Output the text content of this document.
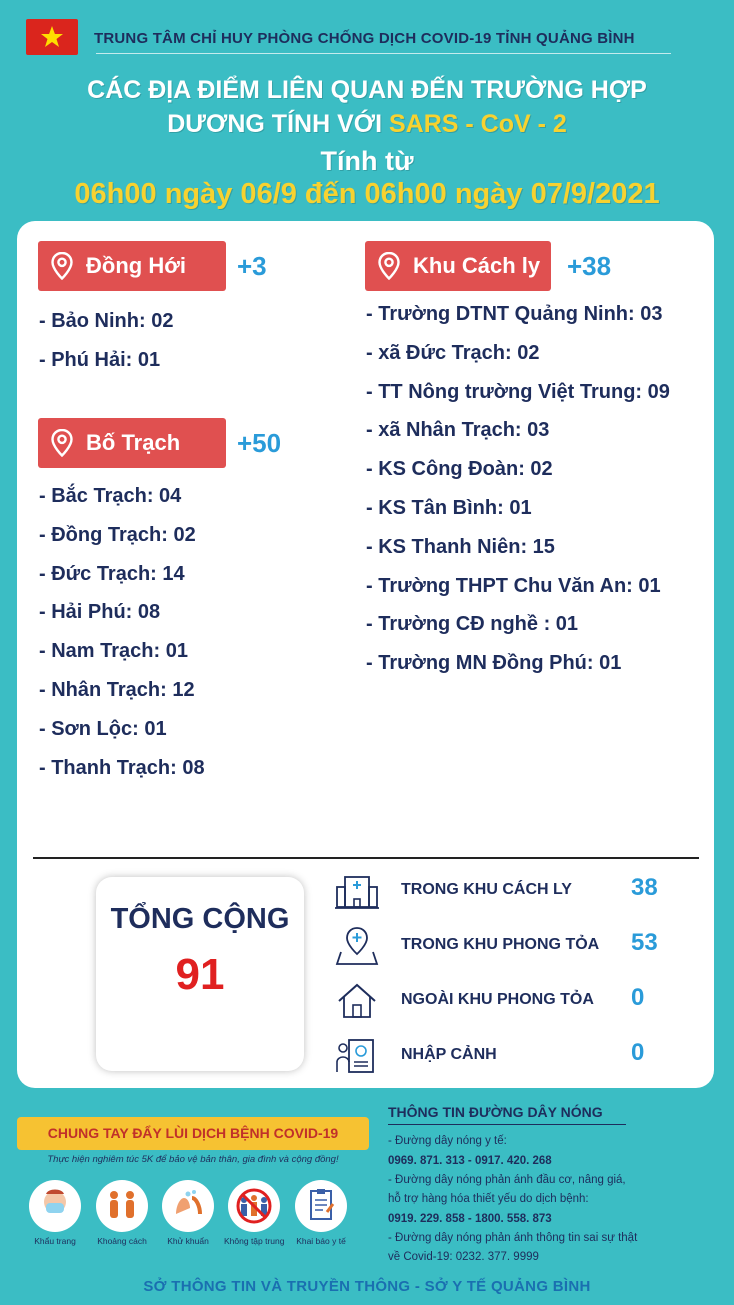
TRUNG TÂM CHỈ HUY PHÒNG CHỐNG DỊCH COVID-19 TỈNH QUẢNG BÌNH
CÁC ĐỊA ĐIỂM LIÊN QUAN ĐẾN TRƯỜNG HỢP
DƯƠNG TÍNH VỚI SARS - CoV - 2
Tính từ
06h00 ngày 06/9 đến 06h00 ngày 07/9/2021
Đồng Hới	+3
- Bảo Ninh: 02
- Phú Hải: 01
Bố Trạch	+50
- Bắc Trạch: 04
- Đồng Trạch: 02
- Đức Trạch: 14
- Hải Phú: 08
- Nam Trạch: 01
- Nhân Trạch: 12
- Sơn Lộc: 01
- Thanh Trạch: 08
Khu Cách ly	+38
- Trường DTNT Quảng Ninh: 03
- xã Đức Trạch: 02
- TT Nông trường Việt Trung: 09
- xã Nhân Trạch: 03
- KS Công Đoàn: 02
- KS Tân Bình: 01
- KS Thanh Niên: 15
- Trường THPT Chu Văn An: 01
- Trường CĐ nghề : 01
- Trường MN Đồng Phú: 01
TỔNG CỘNG
91
TRONG KHU CÁCH LY 38
TRONG KHU PHONG TỎA 53
NGOÀI KHU PHONG TỎA 0
NHẬP CẢNH	0
CHUNG TAY ĐẨY LÙI DỊCH BỆNH COVID-19
Thực hiện nghiêm túc 5K để bảo vệ bản thân, gia đình và cộng đồng!
Khẩu trang	Khoảng cách	Khử khuẩn	Không tập trung	Khai báo y tế
THÔNG TIN ĐƯỜNG DÂY NÓNG
- Đường dây nóng y tế:
0969. 871. 313 - 0917. 420. 268
- Đường dây nóng phản ánh đầu cơ, nâng giá,
hỗ trợ hàng hóa thiết yếu do dịch bệnh:
0919. 229. 858 - 1800. 558. 873
- Đường dây nóng phản ánh thông tin sai sự thật
về Covid-19: 0232. 377. 9999
SỞ THÔNG TIN VÀ TRUYỀN THÔNG - SỞ Y TẾ QUẢNG BÌNH
